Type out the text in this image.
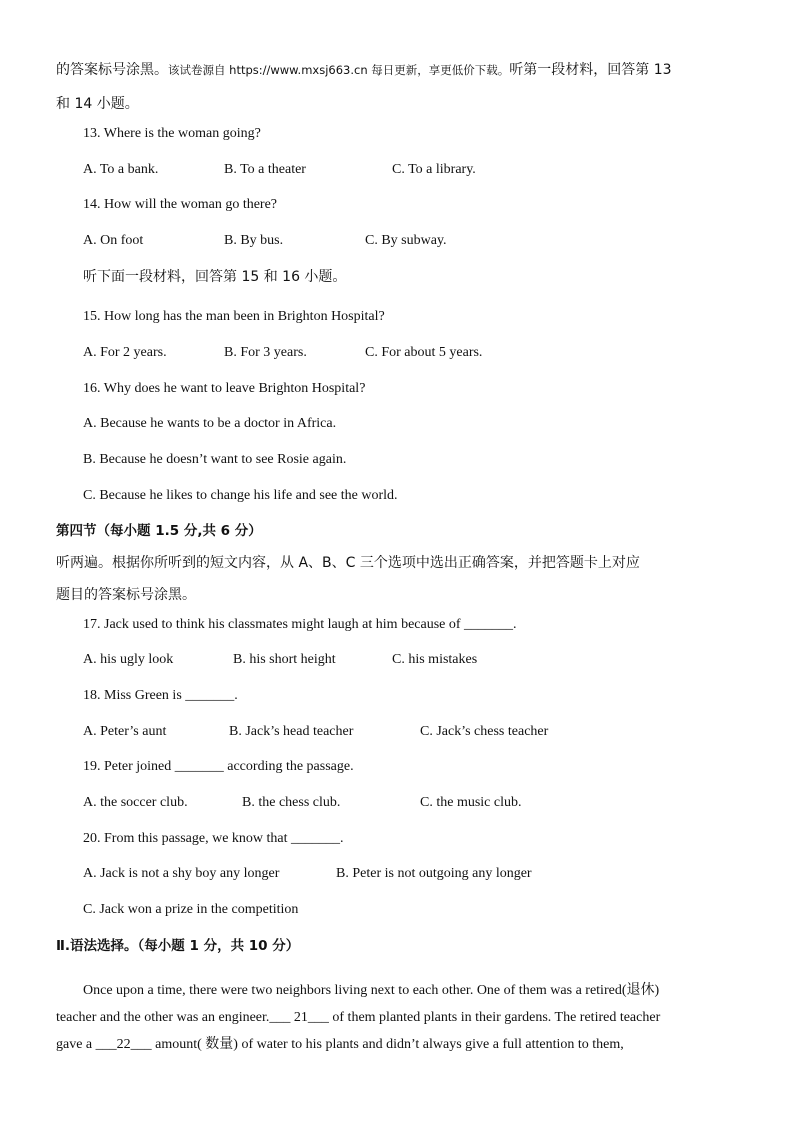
的答案标号涂黑。该试卷源自 https://www.mxsj663.cn 每日更新，享更低价下载。听第一段材料，回答第 13
和 14 小题。
13. Where is the woman going?
A. To a bank.	B. To a theater	C. To a library.
14. How will the woman go there?
A. On foot	B. By bus.	C. By subway.
听下面一段材料，回答第 15 和 16 小题。
15. How long has the man been in Brighton Hospital?
A. For 2 years.	B. For 3 years.	C. For about 5 years.
16. Why does he want to leave Brighton Hospital?
A. Because he wants to be a doctor in Africa.
B. Because he doesn’t want to see Rosie again.
C. Because he likes to change his life and see the world.
第四节（每小题 1.5 分,共 6 分）
听两遍。根据你所听到的短文内容，从 A、B、C 三个选项中选出正确答案，并把答题卡上对应
题目的答案标号涂黑。
17. Jack used to think his classmates might laugh at him because of _______.
A. his ugly look	B. his short height	C. his mistakes
18. Miss Green is _______.
A. Peter’s aunt	B. Jack’s head teacher	C. Jack’s chess teacher
19. Peter joined _______ according the passage.
A. the soccer club.	B. the chess club.	C. the music club.
20. From this passage, we know that _______.
A. Jack is not a shy boy any longer	B. Peter is not outgoing any longer
C. Jack won a prize in the competition
Ⅱ.语法选择。（每小题 1 分，共 10 分）
Once upon a time, there were two neighbors living next to each other. One of them was a retired(退休)
teacher and the other was an engineer.___ 21___ of them planted plants in their gardens. The retired teacher
gave a ___22___ amount( 数量) of water to his plants and didn’t always give a full attention to them,
